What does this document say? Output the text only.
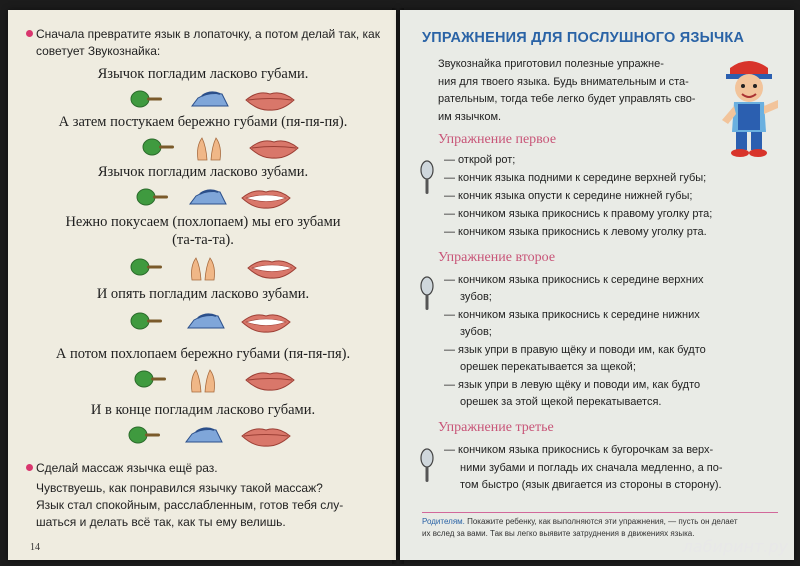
Сначала превратите язык в лопаточку, а потом делай так, как советует Звукознайка:
Язычок погладим ласково губами.
А затем постукаем бережно губами (пя-пя-пя).
Язычок погладим ласково зубами.
Нежно покусаем (похлопаем) мы его зубами
(та-та-та).
И опять погладим ласково зубами.
А потом похлопаем бережно губами (пя-пя-пя).
И в конце погладим ласково губами.
Сделай массаж язычка ещё раз.
Чувствуешь, как понравился язычку такой массаж?
Язык стал спокойным, расслабленным, готов тебя слу-
шаться и делать всё так, как ты ему велишь.
14
УПРАЖНЕНИЯ ДЛЯ ПОСЛУШНОГО ЯЗЫЧКА
Звукознайка приготовил полезные упражне-
ния для твоего языка. Будь внимательным и ста-
рательным, тогда тебе легко будет управлять сво-
им язычком.
Упражнение первое
— открой рот;
— кончик языка подними к середине верхней губы;
— кончик языка опусти к середине нижней губы;
— кончиком языка прикоснись к правому уголку рта;
— кончиком языка прикоснись к левому уголку рта.
Упражнение второе
— кончиком языка прикоснись к середине верхних
зубов;
— кончиком языка прикоснись к середине нижних
зубов;
— язык упри в правую щёку и поводи им, как будто
орешек перекатывается за щекой;
— язык упри в левую щёку и поводи им, как будто
орешек за этой щекой перекатывается.
Упражнение третье
— кончиком языка прикоснись к бугорочкам за верх-
ними зубами и погладь их сначала медленно, а по-
том быстро (язык двигается из стороны в сторону).
Родителям. Покажите ребенку, как выполняются эти упражнения, — пусть он делает
их вслед за вами. Так вы легко выявите затруднения в движениях языка.
лабиринт.ру
